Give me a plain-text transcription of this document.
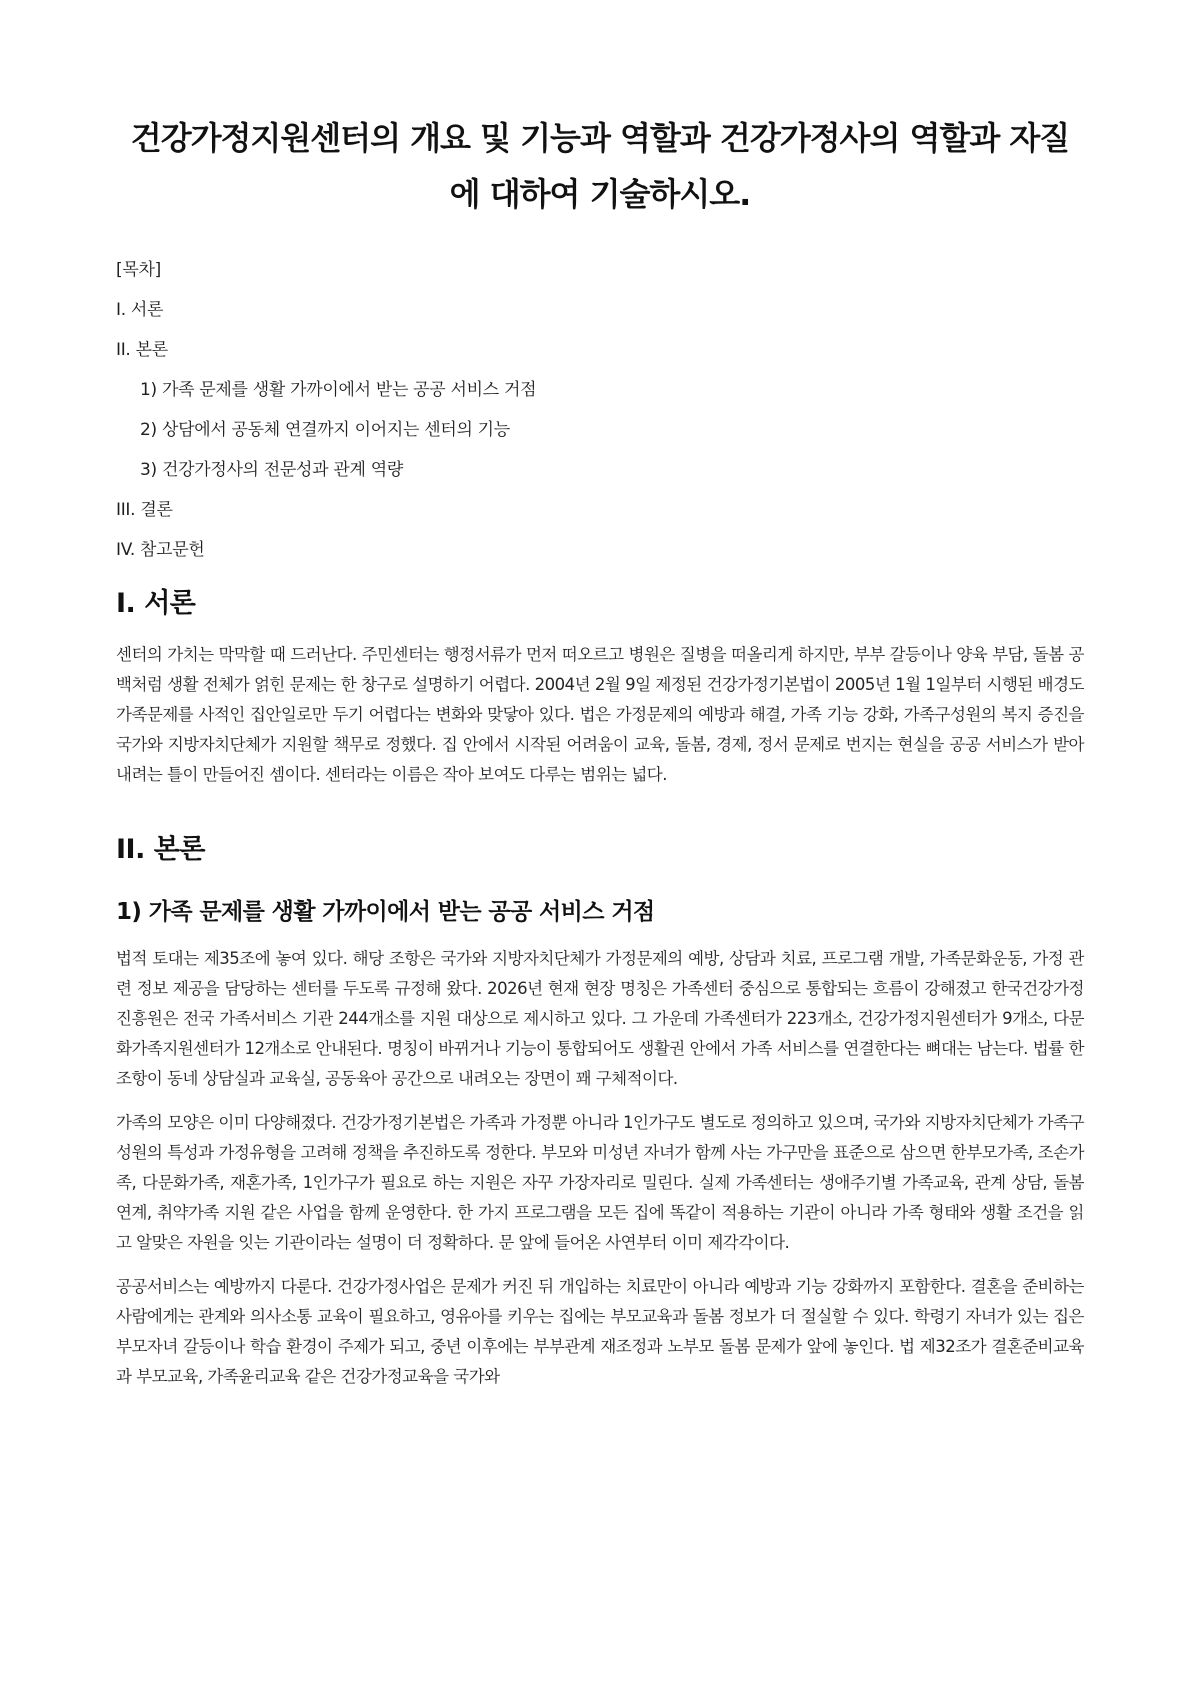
건강가정지원센터의 개요 및 기능과 역할과 건강가정사의 역할과 자질에 대하여 기술하시오.
[목차]
I. 서론
II. 본론
1) 가족 문제를 생활 가까이에서 받는 공공 서비스 거점
2) 상담에서 공동체 연결까지 이어지는 센터의 기능
3) 건강가정사의 전문성과 관계 역량
III. 결론
IV. 참고문헌
I. 서론

센터의 가치는 막막할 때 드러난다. 주민센터는 행정서류가 먼저 떠오르고 병원은 질병을 떠올리게 하지만, 부부 갈등이나 양육 부담, 돌봄 공백처럼 생활 전체가 얽힌 문제는 한 창구로 설명하기 어렵다. 2004년 2월 9일 제정된 건강가정기본법이 2005년 1월 1일부터 시행된 배경도 가족문제를 사적인 집안일로만 두기 어렵다는 변화와 맞닿아 있다. 법은 가정문제의 예방과 해결, 가족 기능 강화, 가족구성원의 복지 증진을 국가와 지방자치단체가 지원할 책무로 정했다. 집 안에서 시작된 어려움이 교육, 돌봄, 경제, 정서 문제로 번지는 현실을 공공 서비스가 받아내려는 틀이 만들어진 셈이다. 센터라는 이름은 작아 보여도 다루는 범위는 넓다.

II. 본론
1) 가족 문제를 생활 가까이에서 받는 공공 서비스 거점

법적 토대는 제35조에 놓여 있다. 해당 조항은 국가와 지방자치단체가 가정문제의 예방, 상담과 치료, 프로그램 개발, 가족문화운동, 가정 관련 정보 제공을 담당하는 센터를 두도록 규정해 왔다. 2026년 현재 현장 명칭은 가족센터 중심으로 통합되는 흐름이 강해졌고 한국건강가정진흥원은 전국 가족서비스 기관 244개소를 지원 대상으로 제시하고 있다. 그 가운데 가족센터가 223개소, 건강가정지원센터가 9개소, 다문화가족지원센터가 12개소로 안내된다. 명칭이 바뀌거나 기능이 통합되어도 생활권 안에서 가족 서비스를 연결한다는 뼈대는 남는다. 법률 한 조항이 동네 상담실과 교육실, 공동육아 공간으로 내려오는 장면이 꽤 구체적이다.

가족의 모양은 이미 다양해졌다. 건강가정기본법은 가족과 가정뿐 아니라 1인가구도 별도로 정의하고 있으며, 국가와 지방자치단체가 가족구성원의 특성과 가정유형을 고려해 정책을 추진하도록 정한다. 부모와 미성년 자녀가 함께 사는 가구만을 표준으로 삼으면 한부모가족, 조손가족, 다문화가족, 재혼가족, 1인가구가 필요로 하는 지원은 자꾸 가장자리로 밀린다. 실제 가족센터는 생애주기별 가족교육, 관계 상담, 돌봄 연계, 취약가족 지원 같은 사업을 함께 운영한다. 한 가지 프로그램을 모든 집에 똑같이 적용하는 기관이 아니라 가족 형태와 생활 조건을 읽고 알맞은 자원을 잇는 기관이라는 설명이 더 정확하다. 문 앞에 들어온 사연부터 이미 제각각이다.

공공서비스는 예방까지 다룬다. 건강가정사업은 문제가 커진 뒤 개입하는 치료만이 아니라 예방과 기능 강화까지 포함한다. 결혼을 준비하는 사람에게는 관계와 의사소통 교육이 필요하고, 영유아를 키우는 집에는 부모교육과 돌봄 정보가 더 절실할 수 있다. 학령기 자녀가 있는 집은 부모자녀 갈등이나 학습 환경이 주제가 되고, 중년 이후에는 부부관계 재조정과 노부모 돌봄 문제가 앞에 놓인다. 법 제32조가 결혼준비교육과 부모교육, 가족윤리교육 같은 건강가정교육을 국가와
